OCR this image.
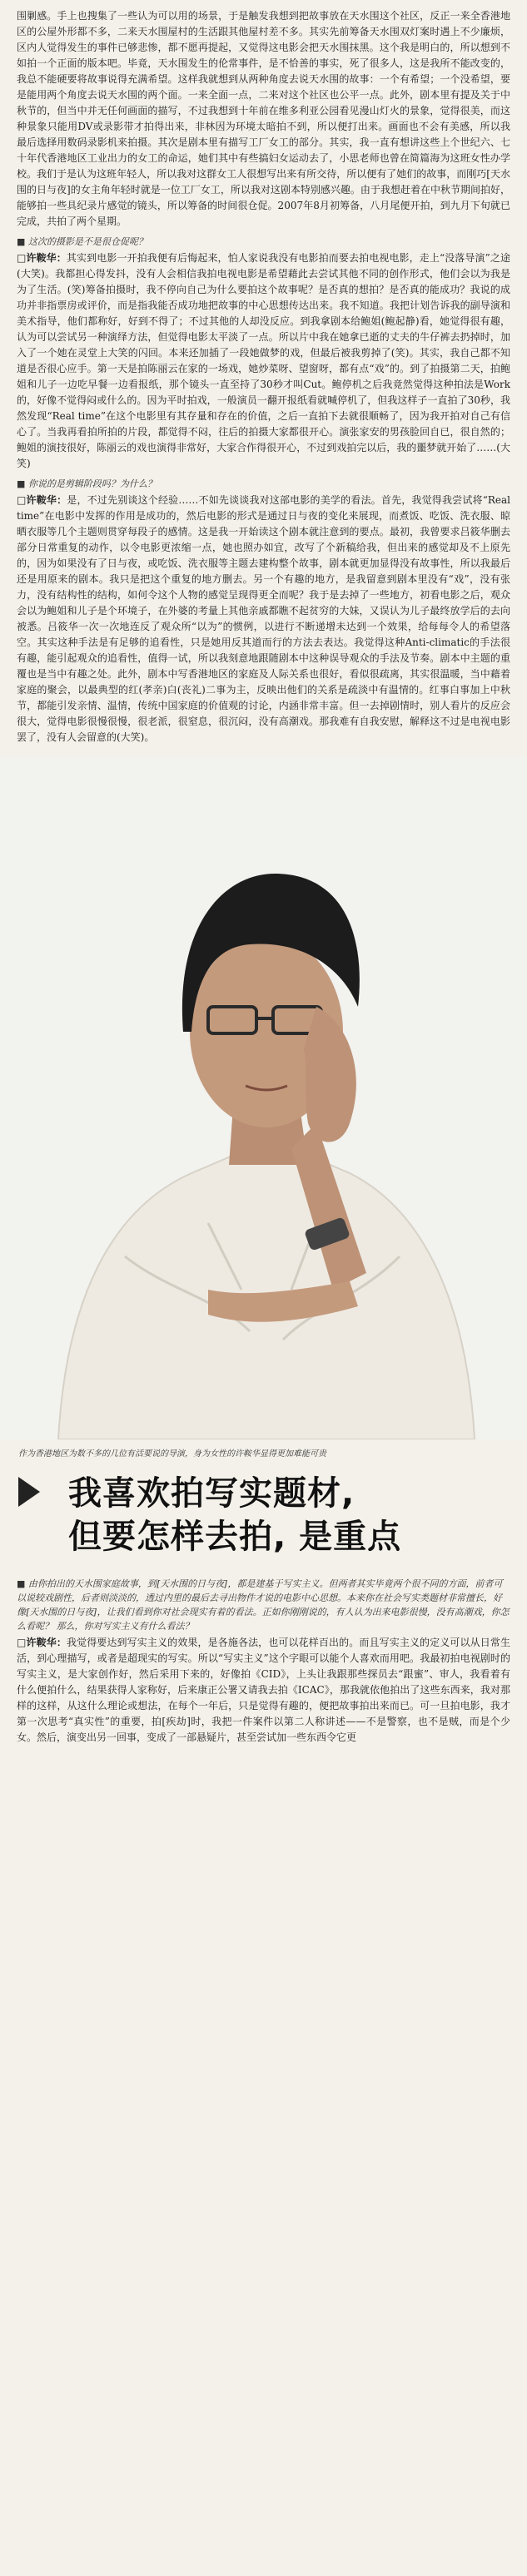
围剿感。手上也搜集了一些认为可以用的场景，于是触发我想到把故事放在天水围这个社区，反正一来全香港地区的公屋外形都不多，二来天水围屋村的生活跟其他屋村差不多。其实先前筹备天水围双灯案时遇上不少廉烦，区内人觉得发生的事件已够悲惨，都不愿再提起，又觉得这电影会把天水围抹黑。这个我是明白的，所以想到不如拍一个正面的版本吧。毕竟，天水围发生的伦常事件，是不恰善的事实，死了很多人，这是我所不能改变的，我总不能硬要将故事说得充满希望。这样我就想到从两种角度去说天水围的故事：一个有希望；一个没希望，要是能用两个角度去说天水围的两个面。一来全面一点，二来对这个社区也公平一点。此外，剧本里有提及关于中秋节的，但当中并无任何画面的描写，不过我想到十年前在维多利亚公园看见漫山灯火的景象，觉得很美，而这种景象只能用DV或录影带才拍得出来，非林因为环境太暗拍不到，所以便打出来。画面也不会有美感，所以我最后选择用数码录影机来拍摄。其次是剧本里有描写工厂女工的部分。其实，我一直有想讲这些上个世纪六、七十年代香港地区工业出力的女工的命运，她们其中有些搞妇女运动去了，小思老师也曾在简篇海为这班女性办学校。我们于是认为这班年轻人，所以我对这群女工人很想写出来有所交待，所以便有了她们的故事，而刚巧[天水围的日与夜]的女主角年轻时就是一位工厂女工，所以我对这剧本特别感兴趣。由于我想赶着在中秋节期间拍好，能够拍一些具纪录片感觉的镜头，所以筹备的时间很仓促。2007年8月初筹备，八月尾便开拍，到九月下旬就已完成，共拍了两个星期。

■ 这次的摄影是不是很仓促呢？

□ 许鞍华：其实到电影一开拍我便有后悔起来，怕人家说我没有电影拍而要去拍电视电影，走上“没落导演”之途(大笑)。我都担心得发抖，没有人会相信我拍电视电影是希望藉此去尝试其他不同的创作形式，他们会以为我是为了生活。(笑)筹备拍摄时，我不停向自己为什么要拍这个故事呢？是否真的想拍？是否真的能成功？我说的成功并非指票房或评价，而是指我能否成功地把故事的中心思想传达出来。我不知道。我把计划告诉我的副导演和美术指导，他们都称好，好到不得了；不过其他的人却没反应。到我拿剧本给鲍姐(鲍起静)看，她觉得很有趣，认为可以尝试另一种演绎方法，但觉得电影太平淡了一点。所以片中我在她拿已逝的丈夫的牛仔裤去扔掉时，加入了一个她在灵堂上大笑的闪回。本来还加插了一段她做梦的戏，但最后被我剪掉了(笑)。其实，我自己都不知道是否很心应手。第一天是拍陈丽云在家的一场戏，她炒菜呀、望窗呀，都有点“戏”的。到了拍摄第二天，拍鲍姐和儿子一边吃早餐一边看报纸，那个镜头一直至持了30秒才叫Cut。鲍停机之后我竟然觉得这种拍法是Work的，好像不觉得闷或什么的。因为平时拍戏，一般演员一翻开报纸看就喊停机了，但我这样子一直拍了30秒，我然发现“Real time”在这个电影里有其存量和存在的价值，之后一直拍下去就很顺畅了，因为我开拍对自己有信心了。当我再看拍所拍的片段，都觉得不闷，往后的拍摄大家都很开心。演张家安的男孩脸回自已，很自然的；鲍姐的演技很好，陈丽云的戏也演得非常好，大家合作得很开心，不过到戏拍完以后，我的噩梦就开始了……(大笑)

■ 你说的是剪辑阶段吗？为什么？

□ 许鞍华：是，不过先别谈这个经验……不如先谈谈我对这部电影的美学的看法。首先，我觉得我尝试将“Real time”在电影中发挥的作用是成功的，然后电影的形式是通过日与夜的变化来展现，而煮饭、吃饭、洗衣服、晾晒衣服等几个主题则贯穿每段子的感情。这是我一开始读这个剧本就注意到的要点。最初，我曾要求吕筱华删去部分日常重复的动作，以令电影更浓缩一点，她也照办如宜，改写了个新稿给我，但出来的感觉却及不上原先的，因为如果没有了日与夜，或吃饭、洗衣服等主题去建构整个故事，剧本就更加显得没有故事性，所以我最后还是用原来的剧本。我只是把这个重复的地方删去。另一个有趣的地方，是我留意到剧本里没有“戏”，没有张力，没有结构性的结构，如何令这个人物的感觉呈现得更全而呢？我于是去掉了一些地方，初看电影之后，观众会以为鲍姐和儿子是个环境子，在外婆的考量上其他亲戚都瞧不起贫穷的大妹，又误认为儿子最终放学后的去向被悉。吕筱华一次一次地连反了观众所“以为”的惯例，以进行不断递增未达到一个效果，给每每令人的希望落空。其实这种手法是有足够的追看性，只是她用反其道而行的方法去表达。我觉得这种Anti-climatic的手法很有趣，能引起观众的追看性，值得一试，所以我刻意地跟随剧本中这种误导观众的手法及节奏。剧本中主题的重覆也是当中有趣之处。此外，剧本中写香港地区的家庭及人际关系也很好，看似很疏离，其实很温暖，当中藉着家庭的聚会，以最典型的红(孝亲)白(丧礼)二事为主，反映出他们的关系是疏淡中有温情的。红事白事加上中秋节，都能引发亲情、温情，传统中国家庭的价值观的讨论，内涵非常丰富。但一去掉剧情时，别人看片的反应会很大，觉得电影很慢很慢，很老派，很窒息，很沉闷，没有高潮戏。那我难有自我安慰，解释这不过是电视电影罢了，没有人会留意的(大笑)。

作为香港地区为数不多的几位有活要说的导演，身为女性的许鞍华显得更加难能可贵
我喜欢拍写实题材,
但要怎样去拍, 是重点

■ 由你拍出的天水围家庭故事，到[天水围的日与夜]，都是建基于写实主义。但两者其实毕竟两个很不同的方面，前者可以说较戏剧性，后者则淡淡的，透过内里的最后去寻出物件才说的电影中心思想。本来你在社会写实类题材非常擅长，好像[天水围的日与夜]，让我们看到你对社会现实有着的看法。正如你刚刚说的，有人认为出来电影很慢，没有高潮戏，你怎么看呢？ 那么，你对写实主义有什么看法？

□ 许鞍华：我觉得要达到写实主义的效果，是各施各法，也可以花样百出的。而且写实主义的定义可以从日常生活，到心理描写，或者是超现实的写实。所以“写实主义”这个字眼可以能个人喜欢而用吧。我最初拍电视剧时的写实主义，是大家创作好，然后采用下来的，好像拍《CID》，上头让我跟那些探员去“跟蜜”、审人，我看着有什么便拍什么，结果获得人家称好，后来康正公署又请我去拍《ICAC》，那我就依他拍出了这些东西来，我对那样的这样，从这什么理论或想法，在每个一年后，只是觉得有趣的，便把故事拍出来而已。可一旦拍电影，我才第一次思考“真实性”的重要，拍[疾劫]时，我把一件案件以第二人称讲述——不是警察，也不是贼，而是个少女。然后，演变出另一回事，变成了一部悬疑片，甚至尝试加一些东西令它更
